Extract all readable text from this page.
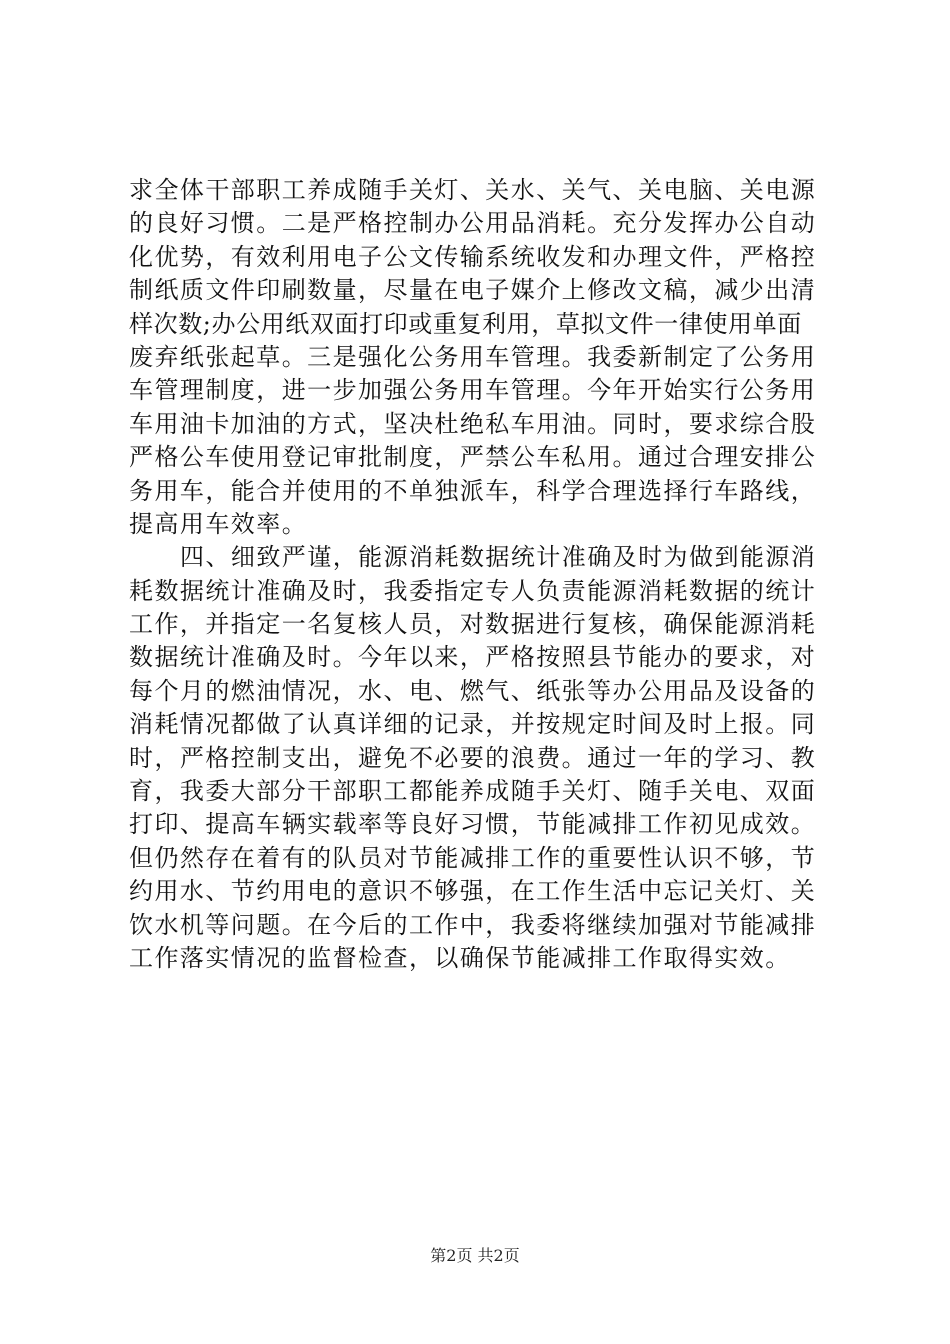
求全体干部职工养成随手关灯、关水、关气、关电脑、关电源
的良好习惯。二是严格控制办公用品消耗。充分发挥办公自动
化优势，有效利用电子公文传输系统收发和办理文件，严格控
制纸质文件印刷数量，尽量在电子媒介上修改文稿，减少出清
样次数;办公用纸双面打印或重复利用，草拟文件一律使用单面
废弃纸张起草。三是强化公务用车管理。我委新制定了公务用
车管理制度，进一步加强公务用车管理。今年开始实行公务用
车用油卡加油的方式，坚决杜绝私车用油。同时，要求综合股
严格公车使用登记审批制度，严禁公车私用。通过合理安排公
务用车，能合并使用的不单独派车，科学合理选择行车路线，
提高用车效率。
四、细致严谨，能源消耗数据统计准确及时为做到能源消
耗数据统计准确及时，我委指定专人负责能源消耗数据的统计
工作，并指定一名复核人员，对数据进行复核，确保能源消耗
数据统计准确及时。今年以来，严格按照县节能办的要求，对
每个月的燃油情况，水、电、燃气、纸张等办公用品及设备的
消耗情况都做了认真详细的记录，并按规定时间及时上报。同
时，严格控制支出，避免不必要的浪费。通过一年的学习、教
育，我委大部分干部职工都能养成随手关灯、随手关电、双面
打印、提高车辆实载率等良好习惯，节能减排工作初见成效。
但仍然存在着有的队员对节能减排工作的重要性认识不够，节
约用水、节约用电的意识不够强，在工作生活中忘记关灯、关
饮水机等问题。在今后的工作中，我委将继续加强对节能减排
工作落实情况的监督检查，以确保节能减排工作取得实效。
第2页 共2页
